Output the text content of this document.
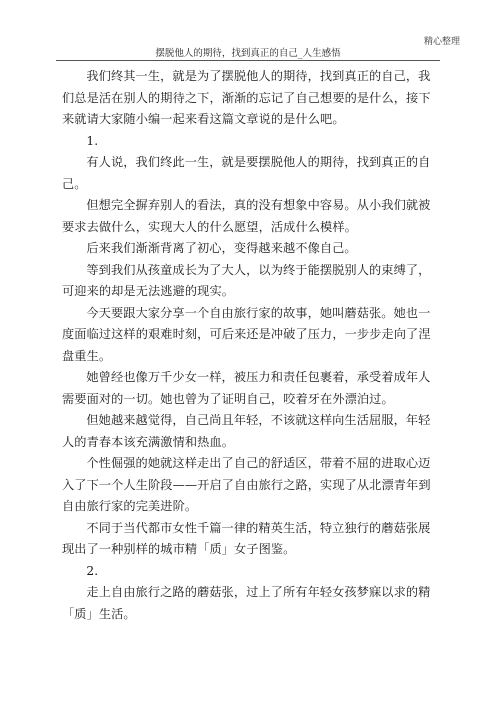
精心整理
摆脱他人的期待，找到真正的自己_人生感悟

我们终其一生，就是为了摆脱他人的期待，找到真正的自己，我们总是活在别人的期待之下，渐渐的忘记了自己想要的是什么，接下来就请大家随小编一起来看这篇文章说的是什么吧。

1.

有人说，我们终此一生，就是要摆脱他人的期待，找到真正的自己。

但想完全摒弃别人的看法，真的没有想象中容易。从小我们就被要求去做什么，实现大人的什么愿望，活成什么模样。

后来我们渐渐背离了初心，变得越来越不像自己。

等到我们从孩童成长为了大人，以为终于能摆脱别人的束缚了，可迎来的却是无法逃避的现实。

今天要跟大家分享一个自由旅行家的故事，她叫蘑菇张。她也一度面临过这样的艰难时刻，可后来还是冲破了压力，一步步走向了涅盘重生。

她曾经也像万千少女一样，被压力和责任包裹着，承受着成年人需要面对的一切。她也曾为了证明自己，咬着牙在外漂泊过。

但她越来越觉得，自己尚且年轻，不该就这样向生活屈服，年轻人的青春本该充满激情和热血。

个性倔强的她就这样走出了自己的舒适区，带着不屈的进取心迈入了下一个人生阶段——开启了自由旅行之路，实现了从北漂青年到自由旅行家的完美进阶。

不同于当代都市女性千篇一律的精英生活，特立独行的蘑菇张展现出了一种别样的城市精「质」女子图鉴。

2.

走上自由旅行之路的蘑菇张，过上了所有年轻女孩梦寐以求的精「质」生活。
